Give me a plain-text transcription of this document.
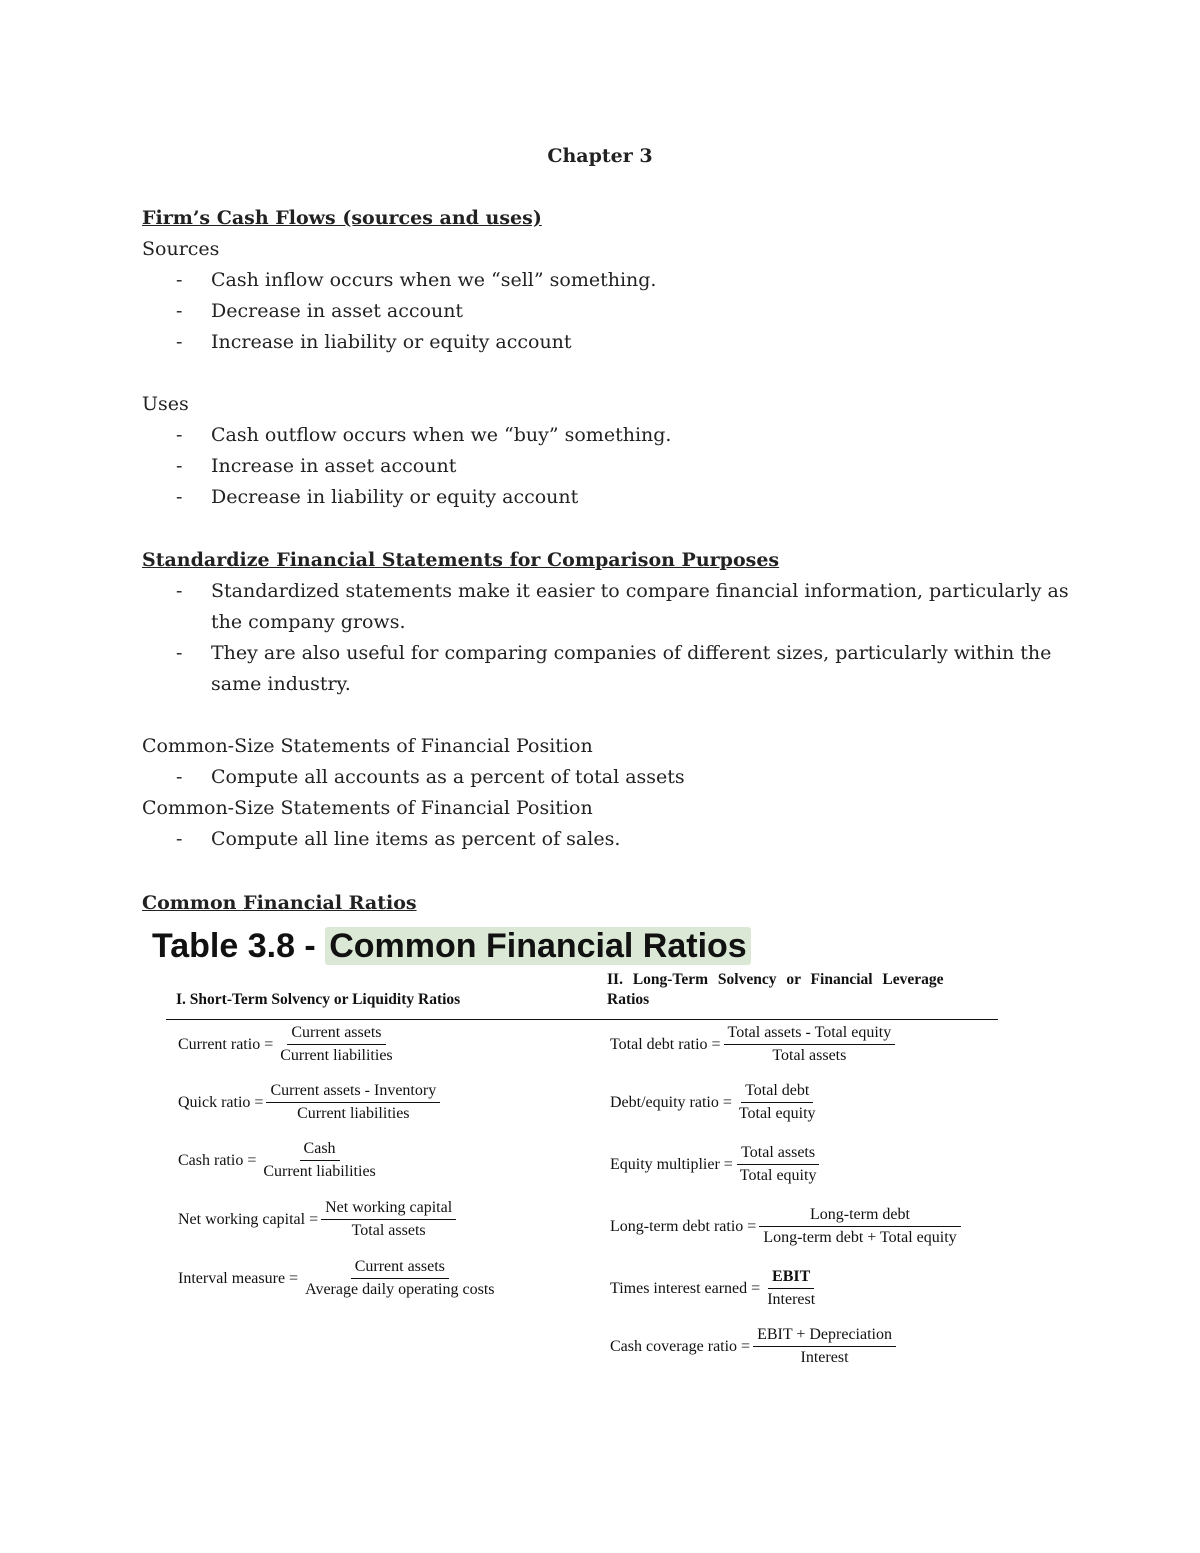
Chapter 3
Firm’s Cash Flows (sources and uses)
Sources
- Cash inflow occurs when we “sell” something.
- Decrease in asset account
- Increase in liability or equity account
Uses
- Cash outflow occurs when we “buy” something.
- Increase in asset account
- Decrease in liability or equity account
Standardize Financial Statements for Comparison Purposes
- Standardized statements make it easier to compare financial information, particularly as
the company grows.
- They are also useful for comparing companies of different sizes, particularly within the
same industry.
Common-Size Statements of Financial Position
- Compute all accounts as a percent of total assets
Common-Size Statements of Financial Position
- Compute all line items as percent of sales.
Common Financial Ratios
Table 3.8 - Common Financial Ratios
I. Short-Term Solvency or Liquidity Ratios
II. Long-Term Solvency or Financial Leverage
Ratios
Current ratio = $\frac{\text{Current assets}}{\text{Current liabilities}}$
Quick ratio = $\frac{\text{Current assets - Inventory}}{\text{Current liabilities}}$
Cash ratio = $\frac{\text{Cash}}{\text{Current liabilities}}$
Net working capital = $\frac{\text{Net working capital}}{\text{Total assets}}$
Interval measure = $\frac{\text{Current assets}}{\text{Average daily operating costs}}$
Total debt ratio = $\frac{\text{Total assets - Total equity}}{\text{Total assets}}$
Debt/equity ratio = $\frac{\text{Total debt}}{\text{Total equity}}$
Equity multiplier = $\frac{\text{Total assets}}{\text{Total equity}}$
Long-term debt ratio = $\frac{\text{Long-term debt}}{\text{Long-term debt + Total equity}}$
Times interest earned = $\frac{\text{EBIT}}{\text{Interest}}$
Cash coverage ratio = $\frac{\text{EBIT + Depreciation}}{\text{Interest}}$
